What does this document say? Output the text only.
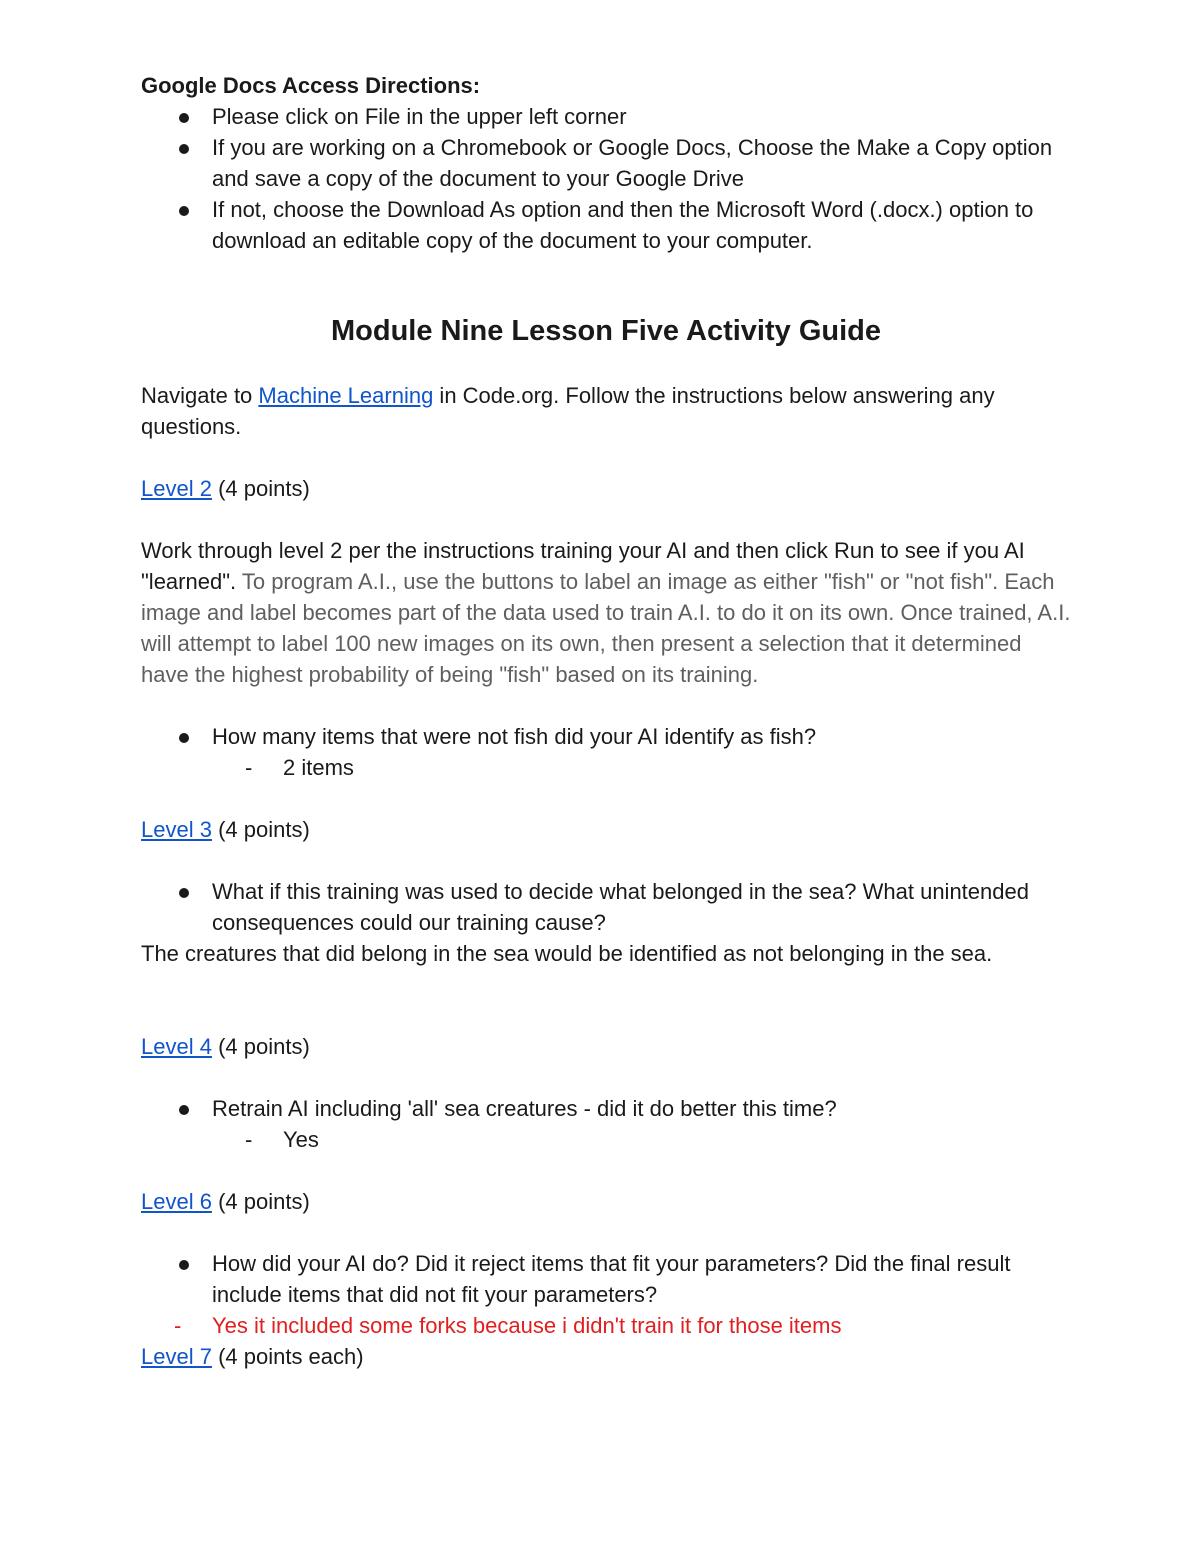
Google Docs Access Directions:

Please click on File in the upper left corner
If you are working on a Chromebook or Google Docs, Choose the Make a Copy option and save a copy of the document to your Google Drive
If not, choose the Download As option and then the Microsoft Word (.docx.) option to download an editable copy of the document to your computer.
Module Nine Lesson Five Activity Guide

Navigate to Machine Learning in Code.org. Follow the instructions below answering any questions.

Level 2 (4 points)

Work through level 2 per the instructions training your AI and then click Run to see if you AI "learned". To program A.I., use the buttons to label an image as either "fish" or "not fish". Each image and label becomes part of the data used to train A.I. to do it on its own. Once trained, A.I. will attempt to label 100 new images on its own, then present a selection that it determined have the highest probability of being "fish" based on its training.

How many items that were not fish did your AI identify as fish?
- 2 items

Level 3 (4 points)

What if this training was used to decide what belonged in the sea? What unintended consequences could our training cause?

The creatures that did belong in the sea would be identified as not belonging in the sea.

Level 4 (4 points)

Retrain AI including 'all' sea creatures - did it do better this time?
- Yes

Level 6 (4 points)

How did your AI do? Did it reject items that fit your parameters? Did the final result include items that did not fit your parameters?
- Yes it included some forks because i didn't train it for those items

Level 7 (4 points each)
